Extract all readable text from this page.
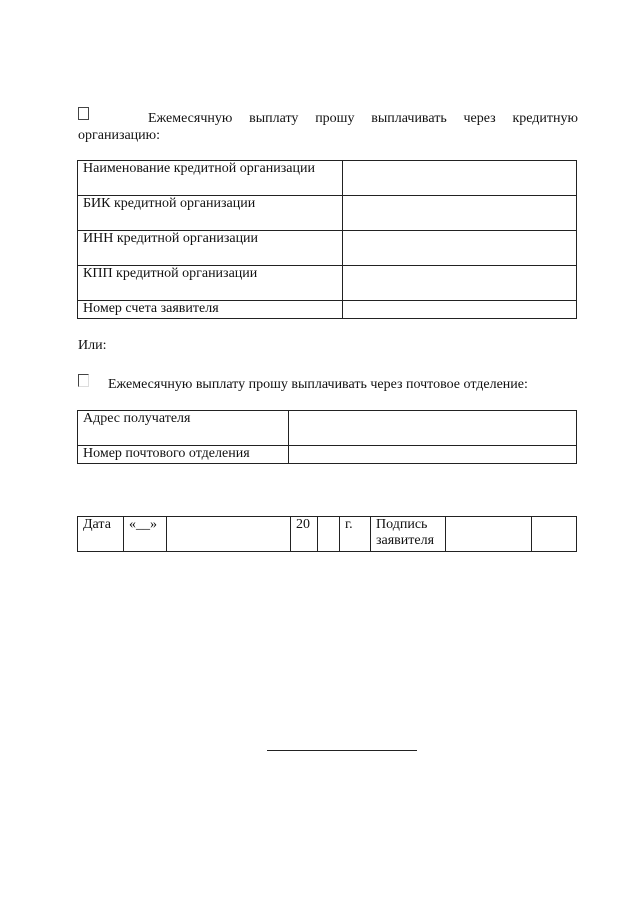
Ежемесячную выплату прошу выплачивать через кредитную организацию:
Наименование кредитной организации	
БИК кредитной организации	
ИНН кредитной организации	
КПП кредитной организации	
Номер счета заявителя	
Или:
Ежемесячную выплату прошу выплачивать через почтовое отделение:
Адрес получателя	
Номер почтового отделения	
Дата	«__»		20		г.	Подпись заявителя		
